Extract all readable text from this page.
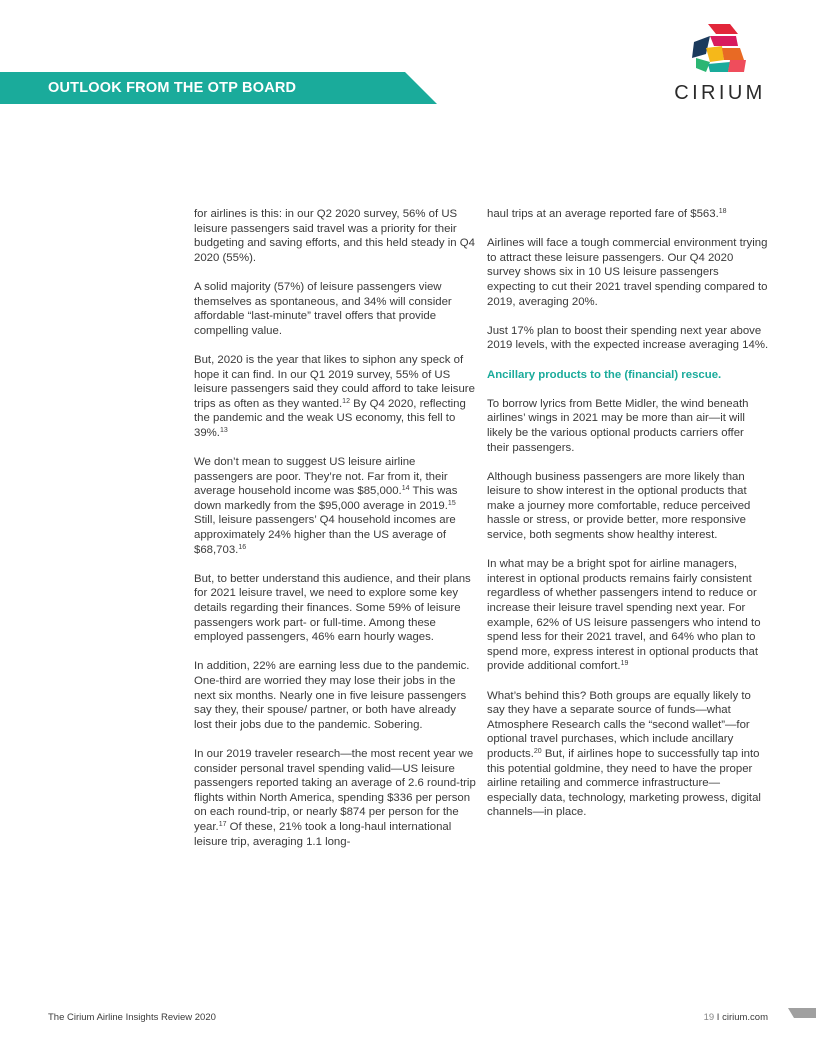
OUTLOOK FROM THE OTP BOARD	CIRIUM

for airlines is this: in our Q2 2020 survey, 56% of US leisure passengers said travel was a priority for their budgeting and saving efforts, and this held steady in Q4 2020 (55%).

A solid majority (57%) of leisure passengers view themselves as spontaneous, and 34% will consider affordable “last-minute” travel offers that provide compelling value.

But, 2020 is the year that likes to siphon any speck of hope it can find. In our Q1 2019 survey, 55% of US leisure passengers said they could afford to take leisure trips as often as they wanted.$^{12}$ By Q4 2020, reflecting the pandemic and the weak US economy, this fell to 39%.$^{13}$

We don’t mean to suggest US leisure airline passengers are poor. They’re not. Far from it, their average household income was $85,000.14 This was down markedly from the $95,000 average in 2019.15 Still, leisure passengers’ Q4 household incomes are approximately 24% higher than the US average of $68,703.16

But, to better understand this audience, and their plans for 2021 leisure travel, we need to explore some key details regarding their finances. Some 59% of leisure passengers work part- or full-time. Among these employed passengers, 46% earn hourly wages.

In addition, 22% are earning less due to the pandemic. One-third are worried they may lose their jobs in the next six months. Nearly one in five leisure passengers say they, their spouse/ partner, or both have already lost their jobs due to the pandemic. Sobering.

In our 2019 traveler research—the most recent year we consider personal travel spending valid—US leisure passengers reported taking an average of 2.6 round-trip flights within North America, spending $336 per person on each round-trip, or nearly $874 per person for the year.$^{17}$ Of these, 21% took a long-haul international leisure trip, averaging 1.1 long-

haul trips at an average reported fare of $563.18

Airlines will face a tough commercial environment trying to attract these leisure passengers. Our Q4 2020 survey shows six in 10 US leisure passengers expecting to cut their 2021 travel spending compared to 2019, averaging 20%.

Just 17% plan to boost their spending next year above 2019 levels, with the expected increase averaging 14%.

Ancillary products to the (financial) rescue.

To borrow lyrics from Bette Midler, the wind beneath airlines’ wings in 2021 may be more than air—it will likely be the various optional products carriers offer their passengers.

Although business passengers are more likely than leisure to show interest in the optional products that make a journey more comfortable, reduce perceived hassle or stress, or provide better, more responsive service, both segments show healthy interest.

In what may be a bright spot for airline managers, interest in optional products remains fairly consistent regardless of whether passengers intend to reduce or increase their leisure travel spending next year. For example, 62% of US leisure passengers who intend to spend less for their 2021 travel, and 64% who plan to spend more, express interest in optional products that provide additional comfort.$^{19}$

What’s behind this? Both groups are equally likely to say they have a separate source of funds—what Atmosphere Research calls the “second wallet”—for optional travel purchases, which include ancillary products.$^{20}$ But, if airlines hope to successfully tap into this potential goldmine, they need to have the proper airline retailing and commerce infrastructure—especially data, technology, marketing prowess, digital channels—in place.

The Cirium Airline Insights Review 2020	19 I cirium.com
